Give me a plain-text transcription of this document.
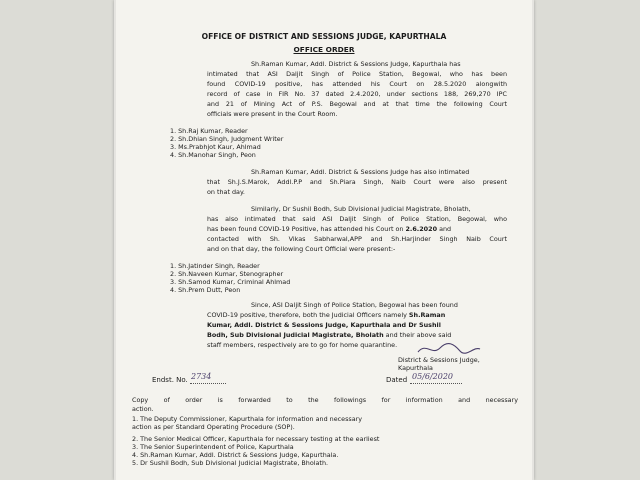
OFFICE OF DISTRICT AND SESSIONS JUDGE, KAPURTHALA
OFFICE ORDER
Sh.Raman Kumar, Addl. District & Sessions Judge, Kapurthala has
intimated that ASI Daljit Singh of Police Station, Begowal, who has been
found COVID-19 positive, has attended his Court on 28.5.2020 alongwith
record of case in FIR No. 37 dated 2.4.2020, under sections 188, 269,270 IPC
and 21 of Mining Act of P.S. Begowal and at that time the following Court
officials were present in the Court Room.
1. Sh.Raj Kumar, Reader
2. Sh.Dhian Singh, Judgment Writer
3. Ms.Prabhjot Kaur, Ahlmad
4. Sh.Manohar Singh, Peon
Sh.Raman Kumar, Addl. District & Sessions Judge has also intimated
that Sh.J.S.Marok, Addl.P.P and Sh.Piara Singh, Naib Court were also present
on that day.
Similarly, Dr Sushil Bodh, Sub Divisional Judicial Magistrate, Bholath,
has also intimated that said ASI Daljit Singh of Police Station, Begowal, who
has been found COVID-19 Positive, has attended his Court on 2.6.2020 and
contacted with Sh. Vikas Sabharwal,APP and Sh.Harjinder Singh Naib Court
and on that day, the following Court Official were present:-
1. Sh.Jatinder Singh, Reader
2. Sh.Naveen Kumar, Stenographer
3. Sh.Samod Kumar, Criminal Ahlmad
4. Sh.Prem Dutt, Peon
Since, ASI Daljit Singh of Police Station, Begowal has been found
COVID-19 positive, therefore, both the Judicial Officers namely Sh.Raman
Kumar, Addl. District & Sessions Judge, Kapurthala and Dr Sushil
Bodh, Sub Divisional Judicial Magistrate, Bholath and their above said
staff members, respectively are to go for home quarantine.
District & Sessions Judge,
Kapurthala
Endst. No. 2734	Dated 05/6/2020
Copy of order is forwarded to the followings for information and necessary
action.
1. The Deputy Commissioner, Kapurthala for information and necessary
action as per Standard Operating Procedure (SOP).
2. The Senior Medical Officer, Kapurthala for necessary testing at the earliest
3. The Senior Superintendent of Police, Kapurthala
4. Sh.Raman Kumar, Addl. District & Sessions Judge, Kapurthala.
5. Dr Sushil Bodh, Sub Divisional Judicial Magistrate, Bholath.
